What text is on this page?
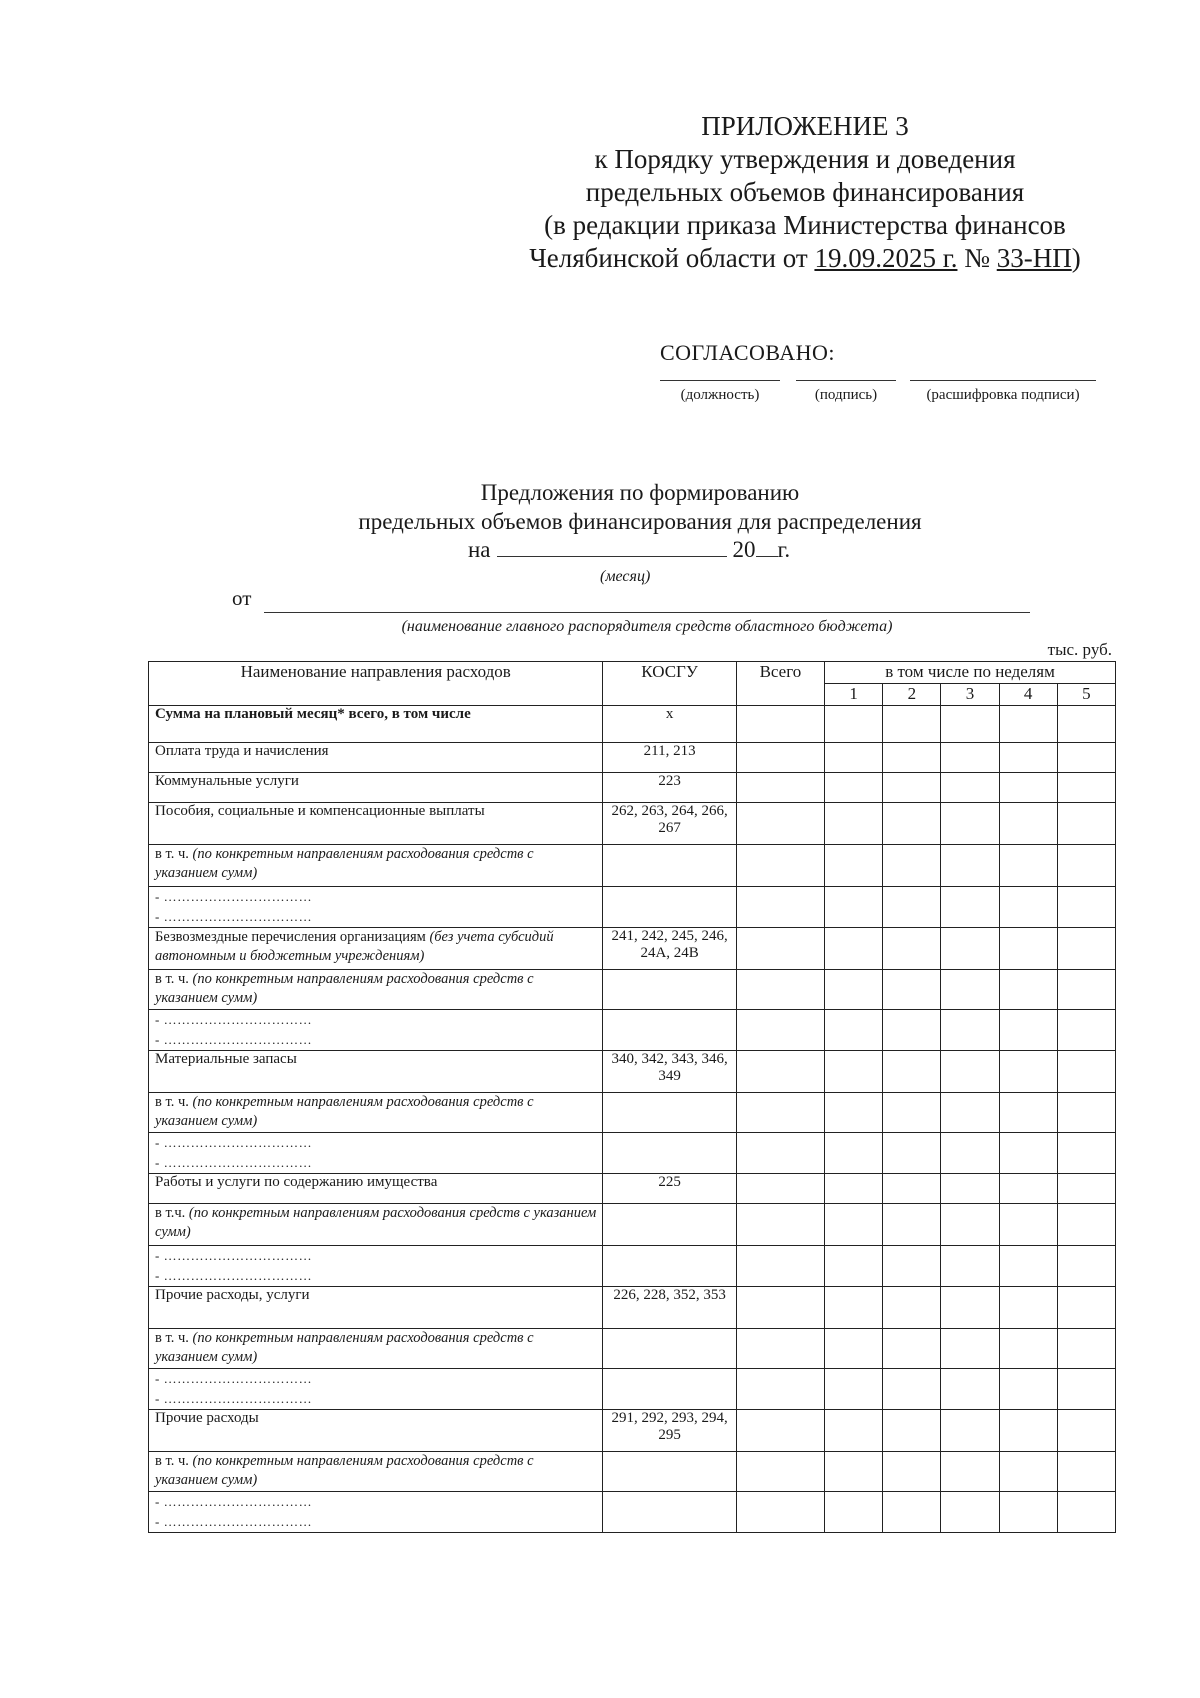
ПРИЛОЖЕНИЕ 3
к Порядку утверждения и доведения
предельных объемов финансирования
(в редакции приказа Министерства финансов
Челябинской области от 19.09.2025 г. № 33-НП)
СОГЛАСОВАНО:
(должность)	(подпись)	(расшифровка подписи)
Предложения по формированию
предельных объемов финансирования для распределения
на	20 г.
(месяц)
от
(наименование главного распорядителя средств областного бюджета)
тыс. руб.
Наименование направления расходов	КОСГУ	Всего	в том числе по неделям				
			1	2	3	4	5
Сумма на плановый месяц* всего, в том числе	х						
Оплата труда и начисления	211, 213						
Коммунальные услуги	223						
Пособия, социальные и компенсационные выплаты	262, 263, 264, 266, 267						
в т. ч. (по конкретным направлениям расходования средств с указанием сумм)							

- ……………………………
- ……………………………							

Безвозмездные перечисления организациям (без учета субсидий автономным и бюджетным учреждениям)	241, 242, 245, 246, 24А, 24В						
в т. ч. (по конкретным направлениям расходования средств с указанием сумм)							

- ……………………………
- ……………………………							

Материальные запасы	340, 342, 343, 346, 349						
в т. ч. (по конкретным направлениям расходования средств с указанием сумм)							

- ……………………………
- ……………………………							

Работы и услуги по содержанию имущества	225						
в т.ч. (по конкретным направлениям расходования средств с указанием сумм)							

- ……………………………
- ……………………………							

Прочие расходы, услуги	226, 228, 352, 353						
в т. ч. (по конкретным направлениям расходования средств с указанием сумм)							

- ……………………………
- ……………………………							

Прочие расходы	291, 292, 293, 294, 295						
в т. ч. (по конкретным направлениям расходования средств с указанием сумм)							

- ……………………………
- ……………………………							
